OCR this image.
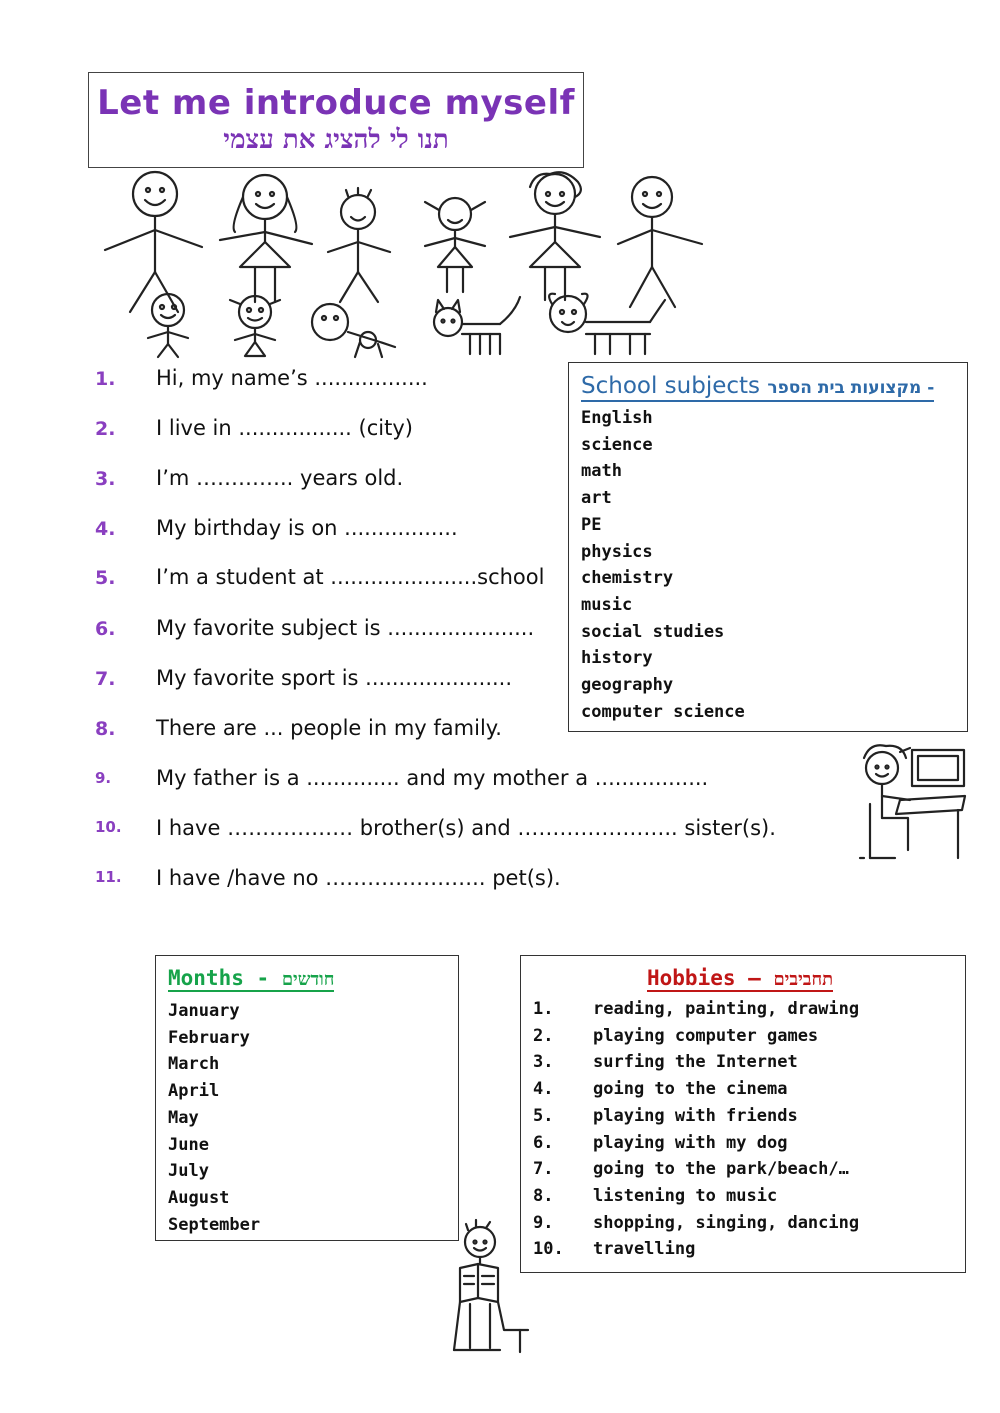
Let me introduce myself
תנו לי להציג את עצמי
1.	Hi, my name’s .................
2.	I live in ................. (city)
3.	I’m ………….. years old.
4.	My birthday is on .................
5.	I’m a student at ......................school
6.	My favorite subject is ......................
7.	My favorite sport is ......................
8.	There are ... people in my family.
9.	My father is a .............. and my mother a .................
10.	I have ……………… brother(s) and ………………….. sister(s).
11.	I have /have no ………………….. pet(s).
School subjects - מקצועות בית הספר
English
science
math
art
PE
physics
chemistry
music
social studies
history
geography
computer science
Months - חודשים
January
February
March
April
May
June
July
August
September
Hobbies – תחביבים
1. reading, painting, drawing
2. playing computer games
3. surfing the Internet
4. going to the cinema
5. playing with friends
6. playing with my dog
7. going to the park/beach/…
8. listening to music
9. shopping, singing, dancing
10. travelling
